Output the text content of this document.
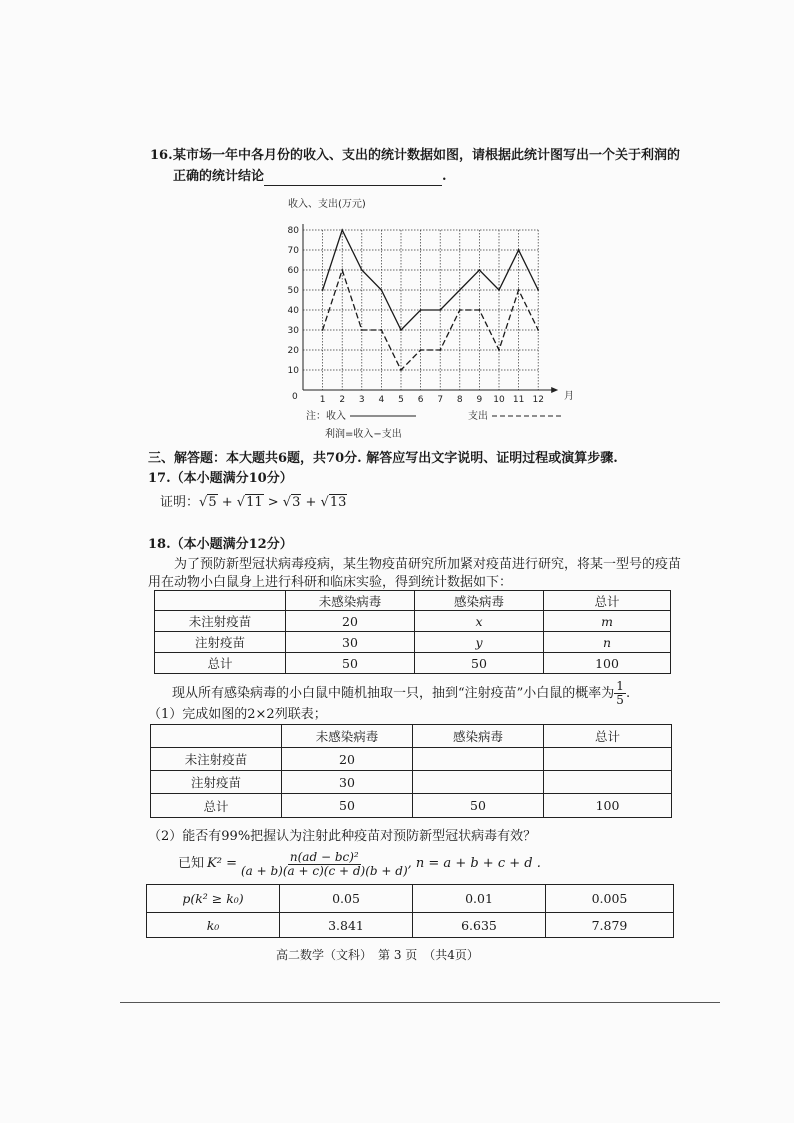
16. 某市场一年中各月份的收入、支出的统计数据如图，请根据此统计图写出一个关于利润的
正确的统计结论	.
收入、支出(万元)
月
0
10
20
30
40
50
60
70
80
1 2 3 4 5 6 7 8 9 10 11 12
注：收入	支出
利润=收入−支出
三、解答题：本大题共6题，共70分. 解答应写出文字说明、证明过程或演算步骤.
17.（本小题满分10分）
证明：√5 + √11 > √3 + √13
18.（本小题满分12分）
为了预防新型冠状病毒疫病，某生物疫苗研究所加紧对疫苗进行研究，将某一型号的疫苗
用在动物小白鼠身上进行科研和临床实验，得到统计数据如下：
	未感染病毒	感染病毒	总计
未注射疫苗	20	x	m
注射疫苗	30	y	n
总计	50	50	100
现从所有感染病毒的小白鼠中随机抽取一只，抽到“注射疫苗”小白鼠的概率为 $\frac{1}{5}$ .
（1）完成如图的2×2列联表；
	未感染病毒	感染病毒	总计
未注射疫苗	20		
注射疫苗	30		
总计	50	50	100
（2）能否有99%把握认为注射此种疫苗对预防新型冠状病毒有效？
已知 $K^2 = \frac{\text{n(ad − bc)²}}{(a + b)(a + c)(c + d)(b + d)}$ , n = a + b + c + d .
p(k² ≥ k₀)	0.05	0.01	0.005
k₀	3.841	6.635	7.879
高二数学（文科）　第 3 页　（共4页）
